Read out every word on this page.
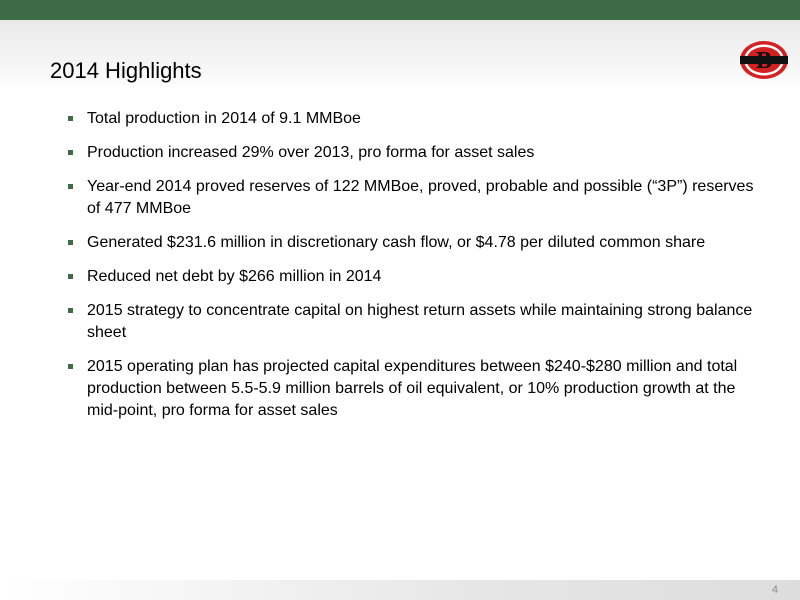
2014 Highlights	B
Total production in 2014 of 9.1 MMBoe
Production increased 29% over 2013, pro forma for asset sales
Year-end 2014 proved reserves of 122 MMBoe, proved, probable and possible (“3P”) reserves of 477 MMBoe
Generated $231.6 million in discretionary cash flow, or $4.78 per diluted common share
Reduced net debt by $266 million in 2014
2015 strategy to concentrate capital on highest return assets while maintaining strong balance sheet
2015 operating plan has projected capital expenditures between $240-$280 million and total production between 5.5-5.9 million barrels of oil equivalent, or 10% production growth at the mid-point, pro forma for asset sales
4
